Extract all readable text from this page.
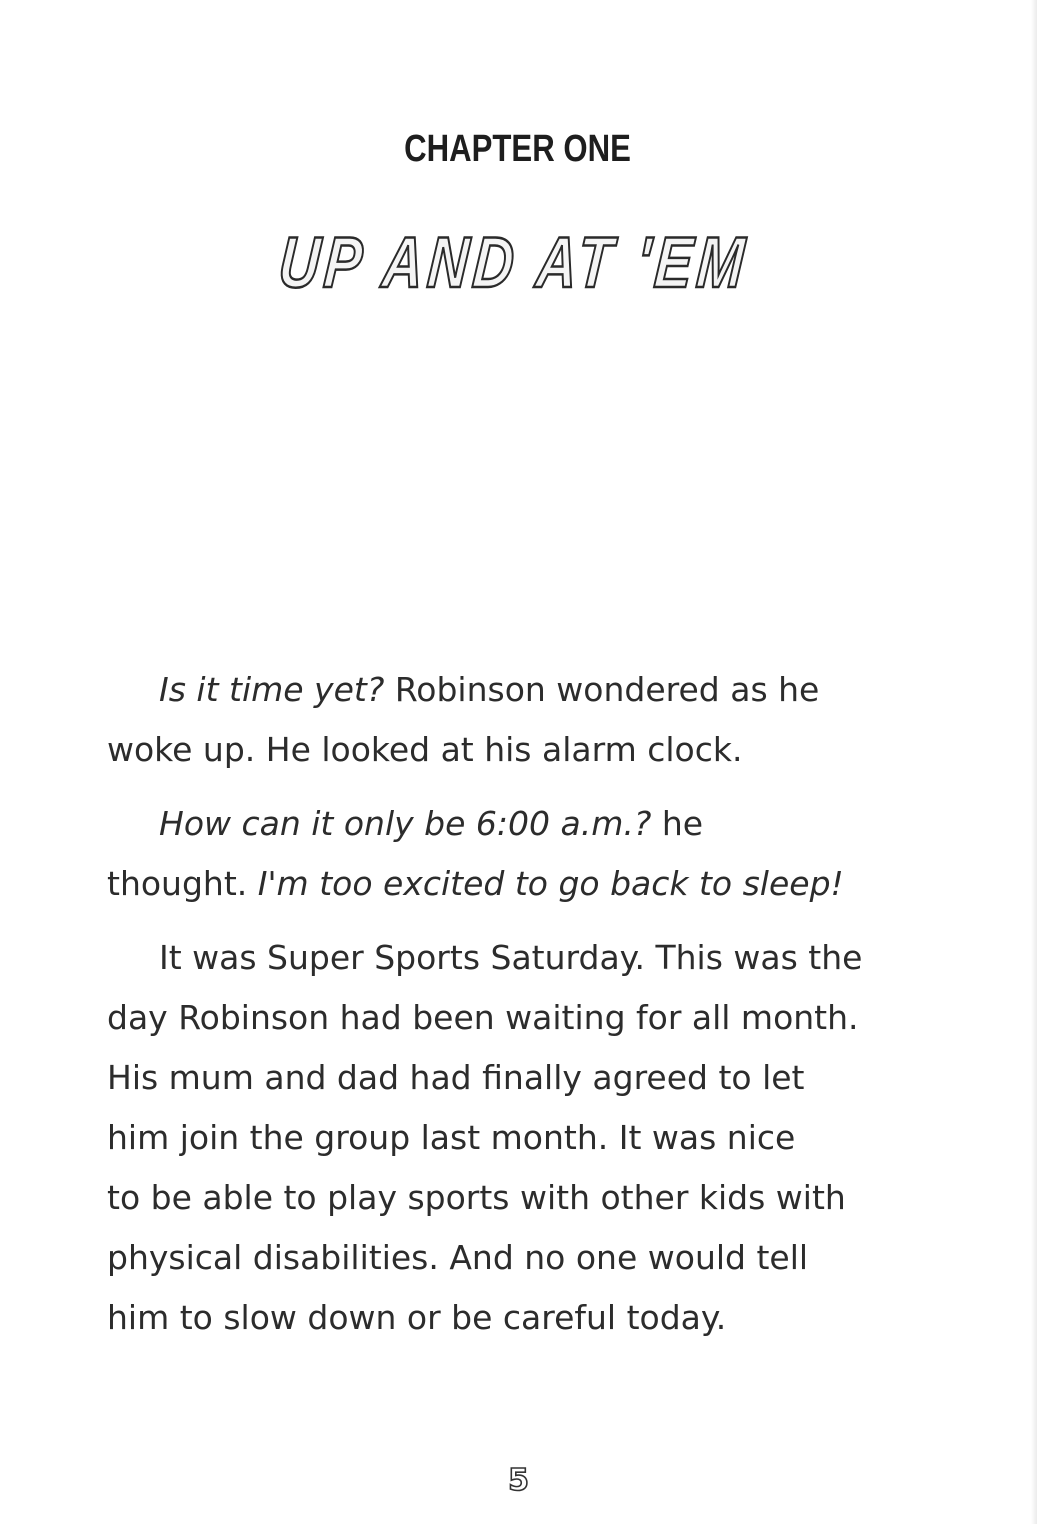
CHAPTER ONE
UP AND AT 'EM
Is it time yet? Robinson wondered as he
woke up. He looked at his alarm clock.
How can it only be 6:00 a.m.? he
thought. I'm too excited to go back to sleep!
It was Super Sports Saturday. This was the
day Robinson had been waiting for all month.
His mum and dad had finally agreed to let
him join the group last month. It was nice
to be able to play sports with other kids with
physical disabilities. And no one would tell
him to slow down or be careful today.
5
